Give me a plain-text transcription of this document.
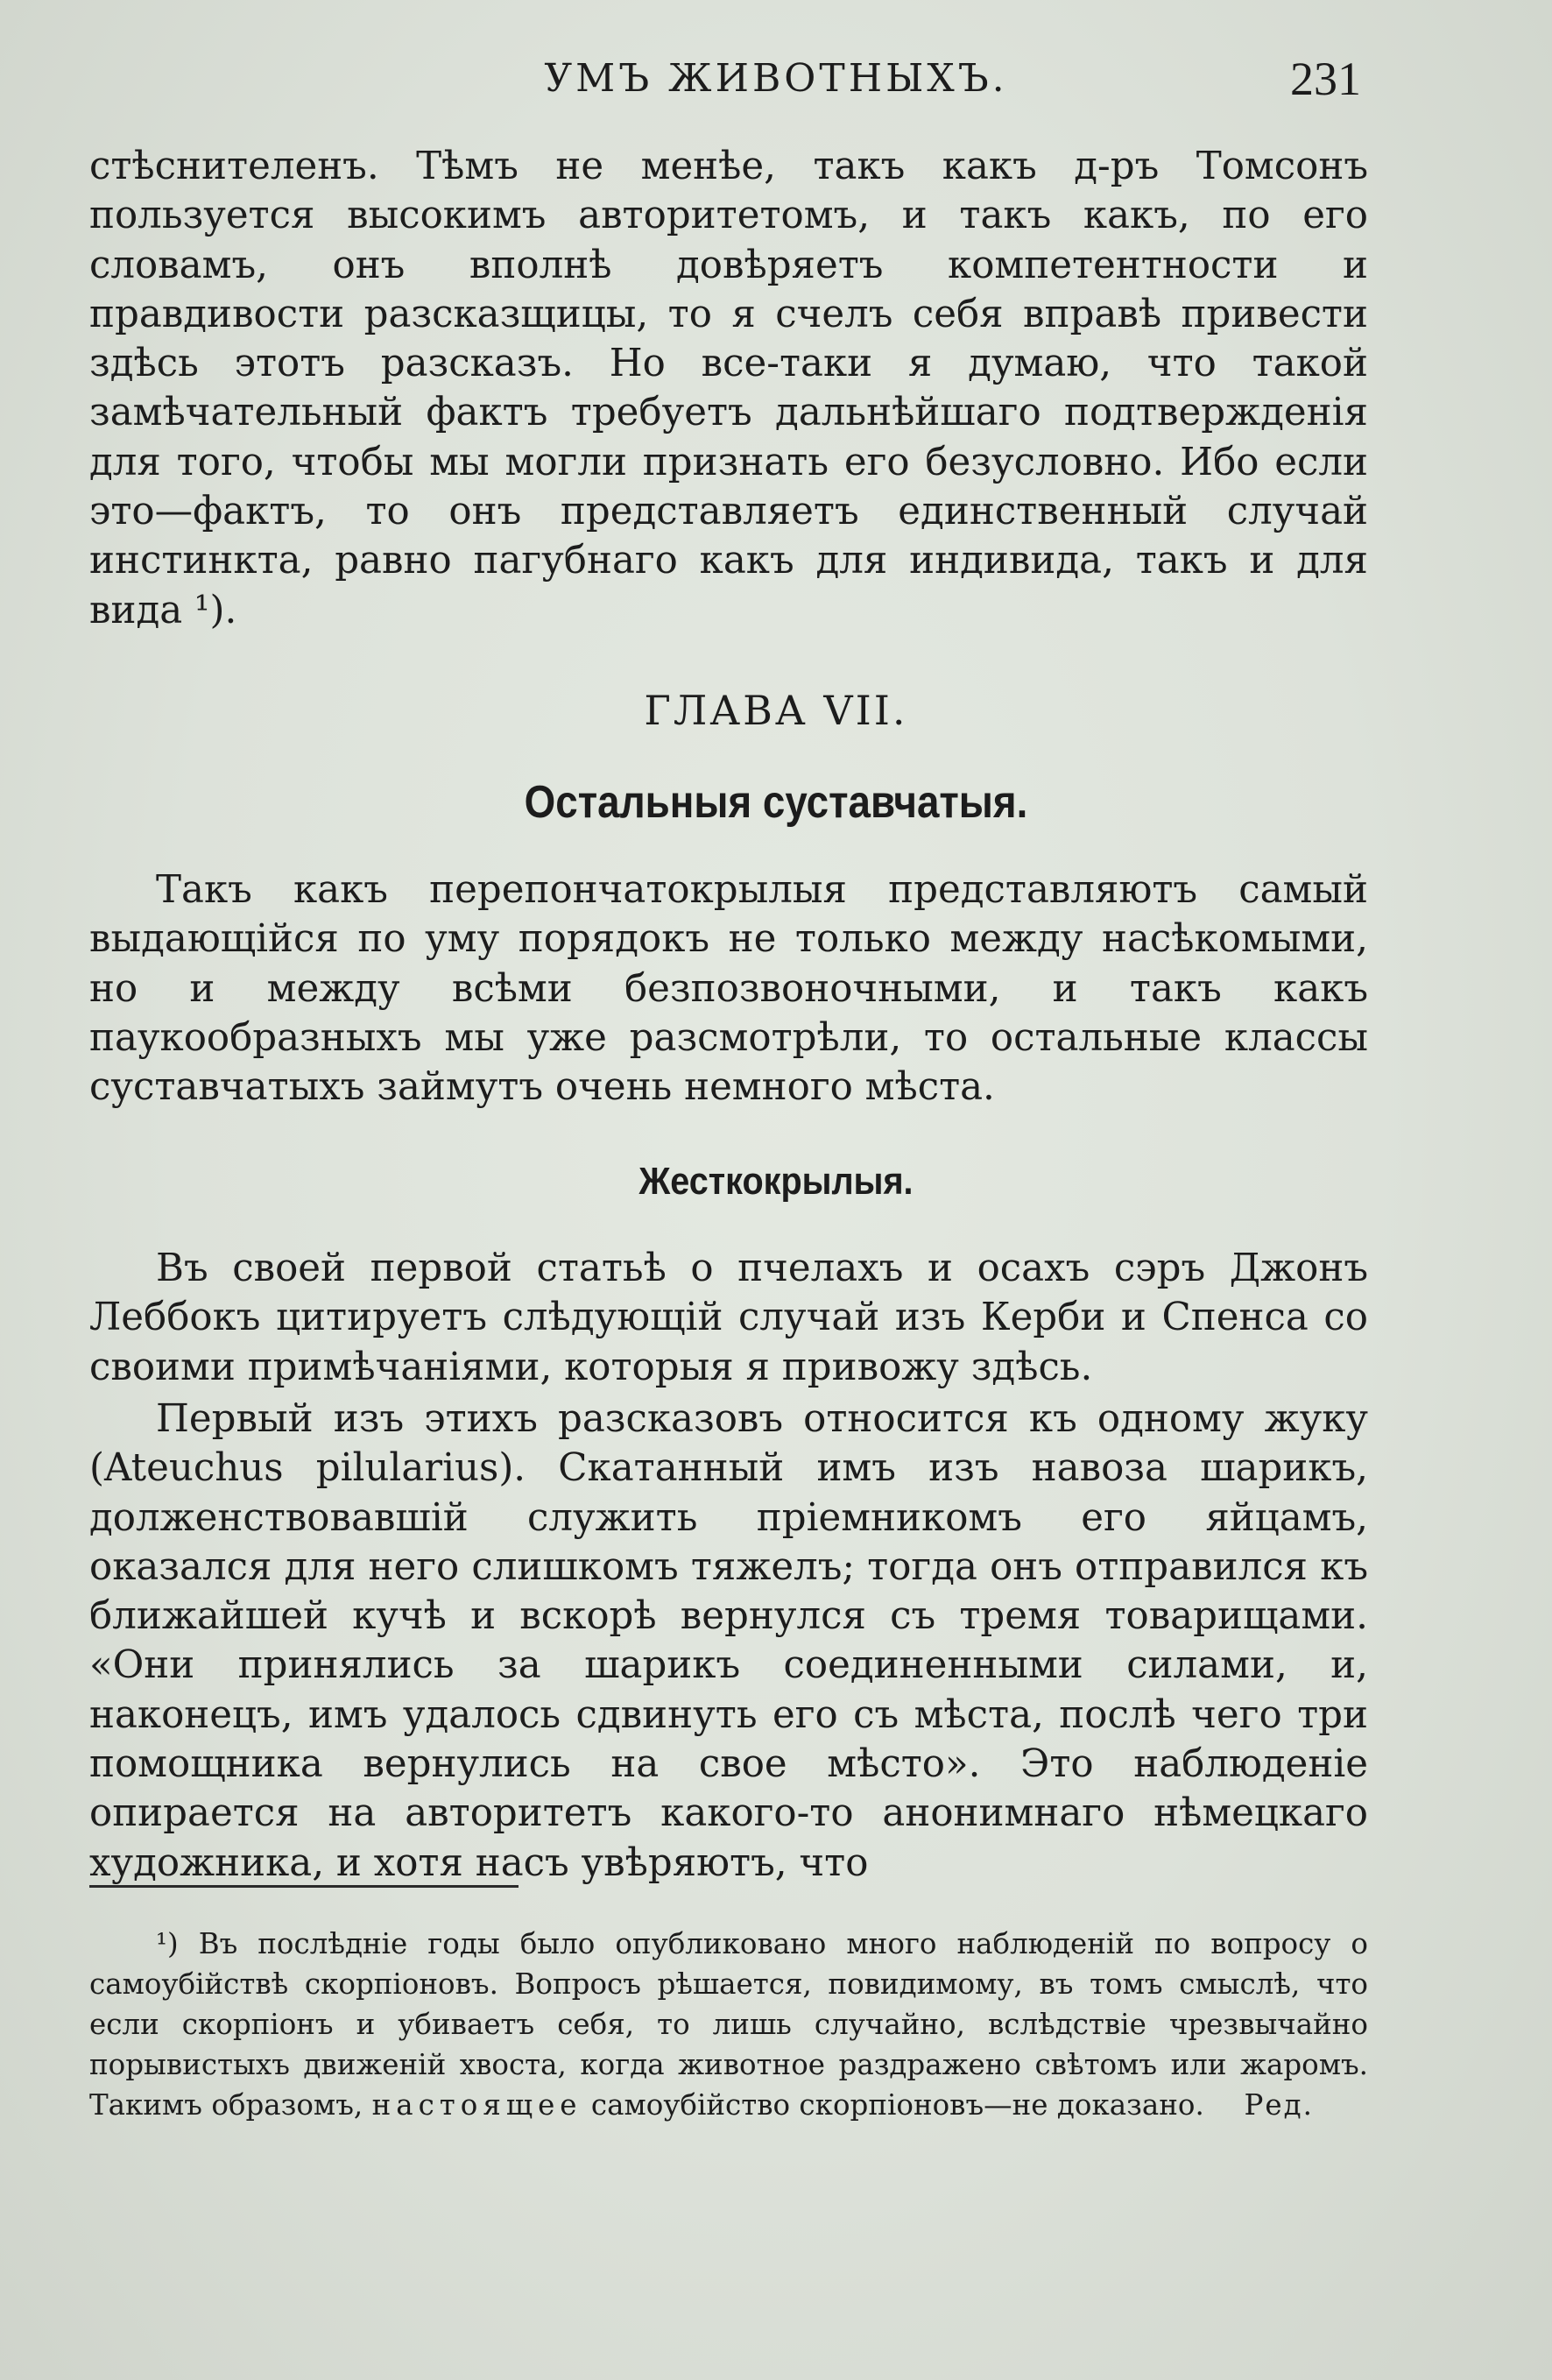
УМЪ ЖИВОТНЫХЪ.	231

стѣснителенъ. Тѣмъ не менѣе, такъ какъ д-ръ Томсонъ пользуется высокимъ авторитетомъ, и такъ какъ, по его словамъ, онъ вполнѣ довѣряетъ компетентности и правдивости разсказщицы, то я счелъ себя вправѣ привести здѣсь этотъ разсказъ. Но все-таки я думаю, что такой замѣчательный фактъ требуетъ дальнѣйшаго подтвержденія для того, чтобы мы могли признать его безусловно. Ибо если это—фактъ, то онъ представляетъ единственный случай инстинкта, равно пагубнаго какъ для индивида, такъ и для вида ¹).

ГЛАВА VII.
Остальныя суставчатыя.

Такъ какъ перепончатокрылыя представляютъ самый выдающійся по уму порядокъ не только между насѣкомыми, но и между всѣми безпозвоночными, и такъ какъ паукообразныхъ мы уже разсмотрѣли, то остальные классы суставчатыхъ займутъ очень немного мѣста.

Жесткокрылыя.

Въ своей первой статьѣ о пчелахъ и осахъ сэръ Джонъ Леббокъ цитируетъ слѣдующій случай изъ Керби и Спенса со своими примѣчаніями, которыя я привожу здѣсь.

Первый изъ этихъ разсказовъ относится къ одному жуку (Ateuchus pilularius). Скатанный имъ изъ навоза шарикъ, долженствовавшій служить пріемникомъ его яйцамъ, оказался для него слишкомъ тяжелъ; тогда онъ отправился къ ближайшей кучѣ и вскорѣ вернулся съ тремя товарищами. «Они принялись за шарикъ соединенными силами, и, наконецъ, имъ удалось сдвинуть его съ мѣста, послѣ чего три помощника вернулись на свое мѣсто». Это наблюденіе опирается на авторитетъ какого-то анонимнаго нѣмецкаго художника, и хотя насъ увѣряютъ, что

¹) Въ послѣдніе годы было опубликовано много наблюденій по вопросу о самоубійствѣ скорпіоновъ. Вопросъ рѣшается, повидимому, въ томъ смыслѣ, что если скорпіонъ и убиваетъ себя, то лишь случайно, вслѣдствіе чрезвычайно порывистыхъ движеній хвоста, когда животное раздражено свѣтомъ или жаромъ. Такимъ образомъ, настоящее самоубійство скорпіоновъ—не доказано.	Ред.
